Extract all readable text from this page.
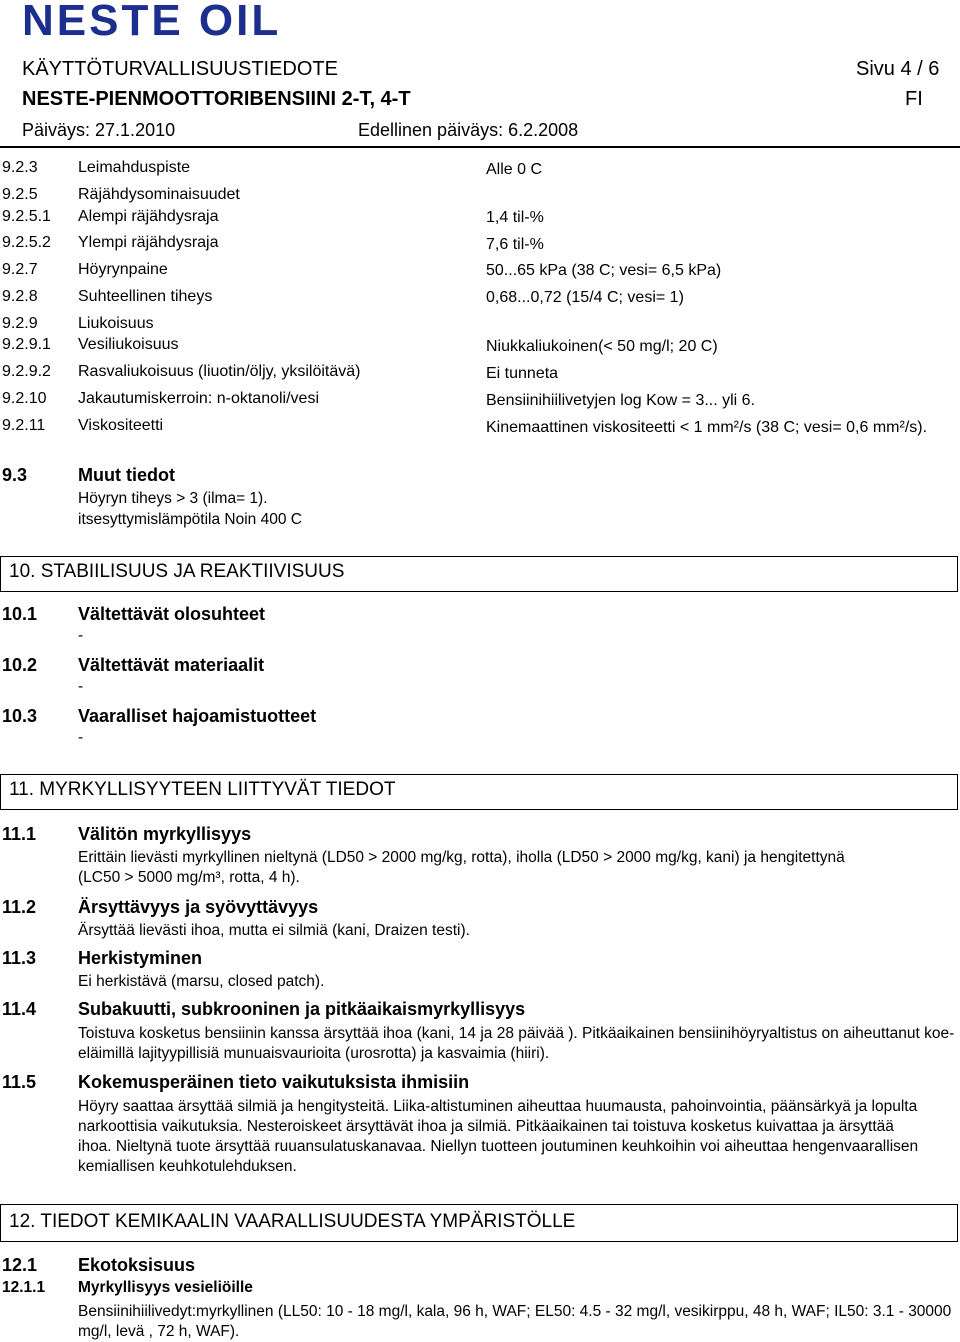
NESTE OIL
KÄYTTÖTURVALLISUUSTIEDOTE	Sivu 4 / 6
NESTE-PIENMOOTTORIBENSIINI 2-T, 4-T	FI
Päiväys: 27.1.2010	Edellinen päiväys: 6.2.2008
9.2.3	Leimahduspiste	Alle 0 C
9.2.5	Räjähdysominaisuudet
9.2.5.1 Alempi räjähdysraja	1,4 til-%
9.2.5.2 Ylempi räjähdysraja	7,6 til-%
9.2.7	Höyrynpaine	50...65 kPa (38 C; vesi= 6,5 kPa)
9.2.8	Suhteellinen tiheys	0,68...0,72 (15/4 C; vesi= 1)
9.2.9	Liukoisuus
9.2.9.1 Vesiliukoisuus	Niukkaliukoinen(< 50 mg/l; 20 C)
9.2.9.2 Rasvaliukoisuus (liuotin/öljy, yksilöitävä)	Ei tunneta
9.2.10 Jakautumiskerroin: n-oktanoli/vesi	Bensiinihiilivetyjen log Kow = 3... yli 6.
9.2.11 Viskositeetti	Kinemaattinen viskositeetti < 1 mm²/s (38 C; vesi= 0,6 mm²/s).
9.3	Muut tiedot
Höyryn tiheys > 3 (ilma= 1).
itsesyttymislämpötila Noin 400 C
10. STABIILISUUS JA REAKTIIVISUUS
10.1 Vältettävät olosuhteet
-
10.2 Vältettävät materiaalit
-
10.3 Vaaralliset hajoamistuotteet
-
11. MYRKYLLISYYTEEN LIITTYVÄT TIEDOT
11.1 Välitön myrkyllisyys
Erittäin lievästi myrkyllinen nieltynä (LD50 > 2000 mg/kg, rotta), iholla (LD50 > 2000 mg/kg, kani) ja hengitettynä (LC50 > 5000 mg/m³, rotta, 4 h).
11.2 Ärsyttävyys ja syövyttävyys
Ärsyttää lievästi ihoa, mutta ei silmiä (kani, Draizen testi).
11.3 Herkistyminen
Ei herkistävä (marsu, closed patch).
11.4 Subakuutti, subkrooninen ja pitkäaikaismyrkyllisyys
Toistuva kosketus bensiinin kanssa ärsyttää ihoa (kani, 14 ja 28 päivää ). Pitkäaikainen bensiinihöyryaltistus on aiheuttanut koe-eläimillä lajityypillisiä munuaisvaurioita (urosrotta) ja kasvaimia (hiiri).
11.5 Kokemusperäinen tieto vaikutuksista ihmisiin
Höyry saattaa ärsyttää silmiä ja hengitysteitä. Liika-altistuminen aiheuttaa huumausta, pahoinvointia, päänsärkyä ja lopulta narkoottisia vaikutuksia. Nesteroiskeet ärsyttävät ihoa ja silmiä. Pitkäaikainen tai toistuva kosketus kuivattaa ja ärsyttää ihoa. Nieltynä tuote ärsyttää ruuansulatuskanavaa. Niellyn tuotteen joutuminen keuhkoihin voi aiheuttaa hengenvaarallisen kemiallisen keuhkotulehduksen.
12. TIEDOT KEMIKAALIN VAARALLISUUDESTA YMPÄRISTÖLLE
12.1 Ekotoksisuus
12.1.1 Myrkyllisyys vesieliöille
Bensiinihiilivedyt:myrkyllinen (LL50: 10 - 18 mg/l, kala, 96 h, WAF; EL50: 4.5 - 32 mg/l, vesikirppu, 48 h, WAF; IL50: 3.1 - 30000 mg/l, levä , 72 h, WAF).
